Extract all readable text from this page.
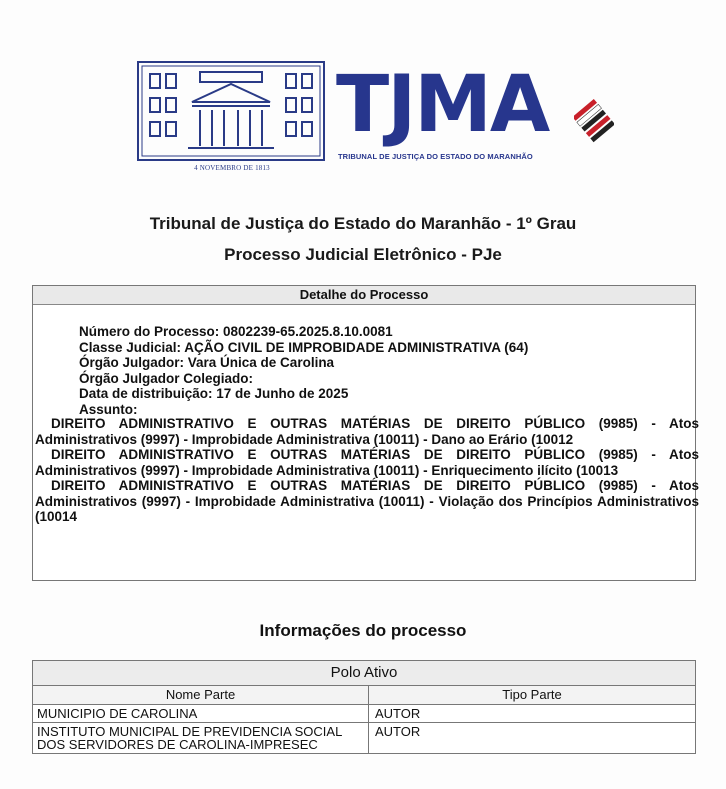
4 NOVEMBRO DE 1813
TJMA
TRIBUNAL DE JUSTIÇA DO ESTADO DO MARANHÃO
Tribunal de Justiça do Estado do Maranhão - 1º Grau
Processo Judicial Eletrônico - PJe
Detalhe do Processo
Número do Processo: 0802239-65.2025.8.10.0081
Classe Judicial: AÇÃO CIVIL DE IMPROBIDADE ADMINISTRATIVA (64)
Órgão Julgador: Vara Única de Carolina
Órgão Julgador Colegiado:
Data de distribuição: 17 de Junho de 2025
Assunto:

DIREITO ADMINISTRATIVO E OUTRAS MATÉRIAS DE DIREITO PÚBLICO (9985) - Atos Administrativos (9997) - Improbidade Administrativa (10011) - Dano ao Erário (10012

DIREITO ADMINISTRATIVO E OUTRAS MATÉRIAS DE DIREITO PÚBLICO (9985) - Atos Administrativos (9997) - Improbidade Administrativa (10011) - Enriquecimento ilícito (10013

DIREITO ADMINISTRATIVO E OUTRAS MATÉRIAS DE DIREITO PÚBLICO (9985) - Atos Administrativos (9997) - Improbidade Administrativa (10011) - Violação dos Princípios Administrativos (10014

Informações do processo
Polo Ativo
Nome Parte	Tipo Parte
MUNICIPIO DE CAROLINA	AUTOR
INSTITUTO MUNICIPAL DE PREVIDENCIA SOCIAL DOS SERVIDORES DE CAROLINA-IMPRESEC
AUTOR
